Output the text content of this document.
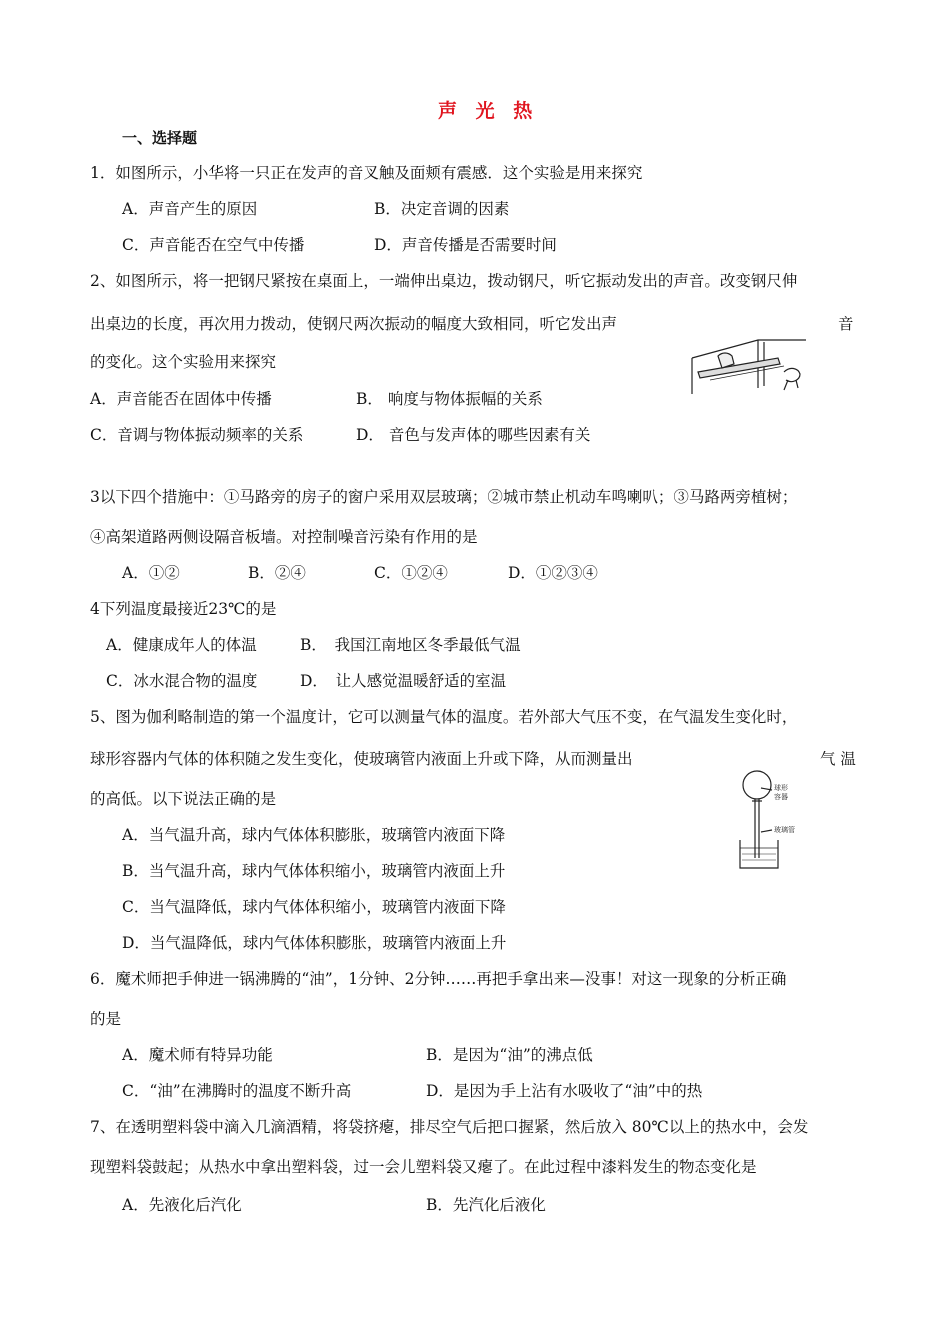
声 光 热
一、选择题
1．如图所示，小华将一只正在发声的音叉触及面颊有震感．这个实验是用来探究
A．声音产生的原因	B．决定音调的因素
C．声音能否在空气中传播	D．声音传播是否需要时间
2、如图所示，将一把钢尺紧按在桌面上，一端伸出桌边，拨动钢尺，听它振动发出的声音。改变钢尺伸
出桌边的长度，再次用力拨动，使钢尺两次振动的幅度大致相同，听它发出声	音
的变化。这个实验用来探究
A．声音能否在固体中传播	B． 响度与物体振幅的关系
C．音调与物体振动频率的关系	D． 音色与发声体的哪些因素有关
3以下四个措施中：①马路旁的房子的窗户采用双层玻璃；②城市禁止机动车鸣喇叭；③马路两旁植树；
④高架道路两侧设隔音板墙。对控制噪音污染有作用的是
A．①②	B．②④	C．①②④	D．①②③④
4下列温度最接近23℃的是
A．健康成年人的体温	B．　我国江南地区冬季最低气温
C．冰水混合物的温度	D．　让人感觉温暖舒适的室温
5、图为伽利略制造的第一个温度计，它可以测量气体的温度。若外部大气压不变，在气温发生变化时，
球形容器内气体的体积随之发生变化，使玻璃管内液面上升或下降，从而测量出	气 温
的高低。以下说法正确的是
A．当气温升高，球内气体体积膨胀，玻璃管内液面下降
B．当气温升高，球内气体体积缩小，玻璃管内液面上升
C．当气温降低，球内气体体积缩小，玻璃管内液面下降
D．当气温降低，球内气体体积膨胀，玻璃管内液面上升
球形
容器
玻璃管
6．魔术师把手伸进一锅沸腾的“油”，1分钟、2分钟……再把手拿出来—没事！对这一现象的分析正确
的是
A．魔术师有特异功能	B．是因为“油”的沸点低
C．“油”在沸腾时的温度不断升高	D．是因为手上沾有水吸收了“油”中的热
7、在透明塑料袋中滴入几滴酒精，将袋挤瘪，排尽空气后把口握紧，然后放入 80℃以上的热水中，会发
现塑料袋鼓起；从热水中拿出塑料袋，过一会儿塑料袋又瘪了。在此过程中漆料发生的物态变化是
A．先液化后汽化	B．先汽化后液化
